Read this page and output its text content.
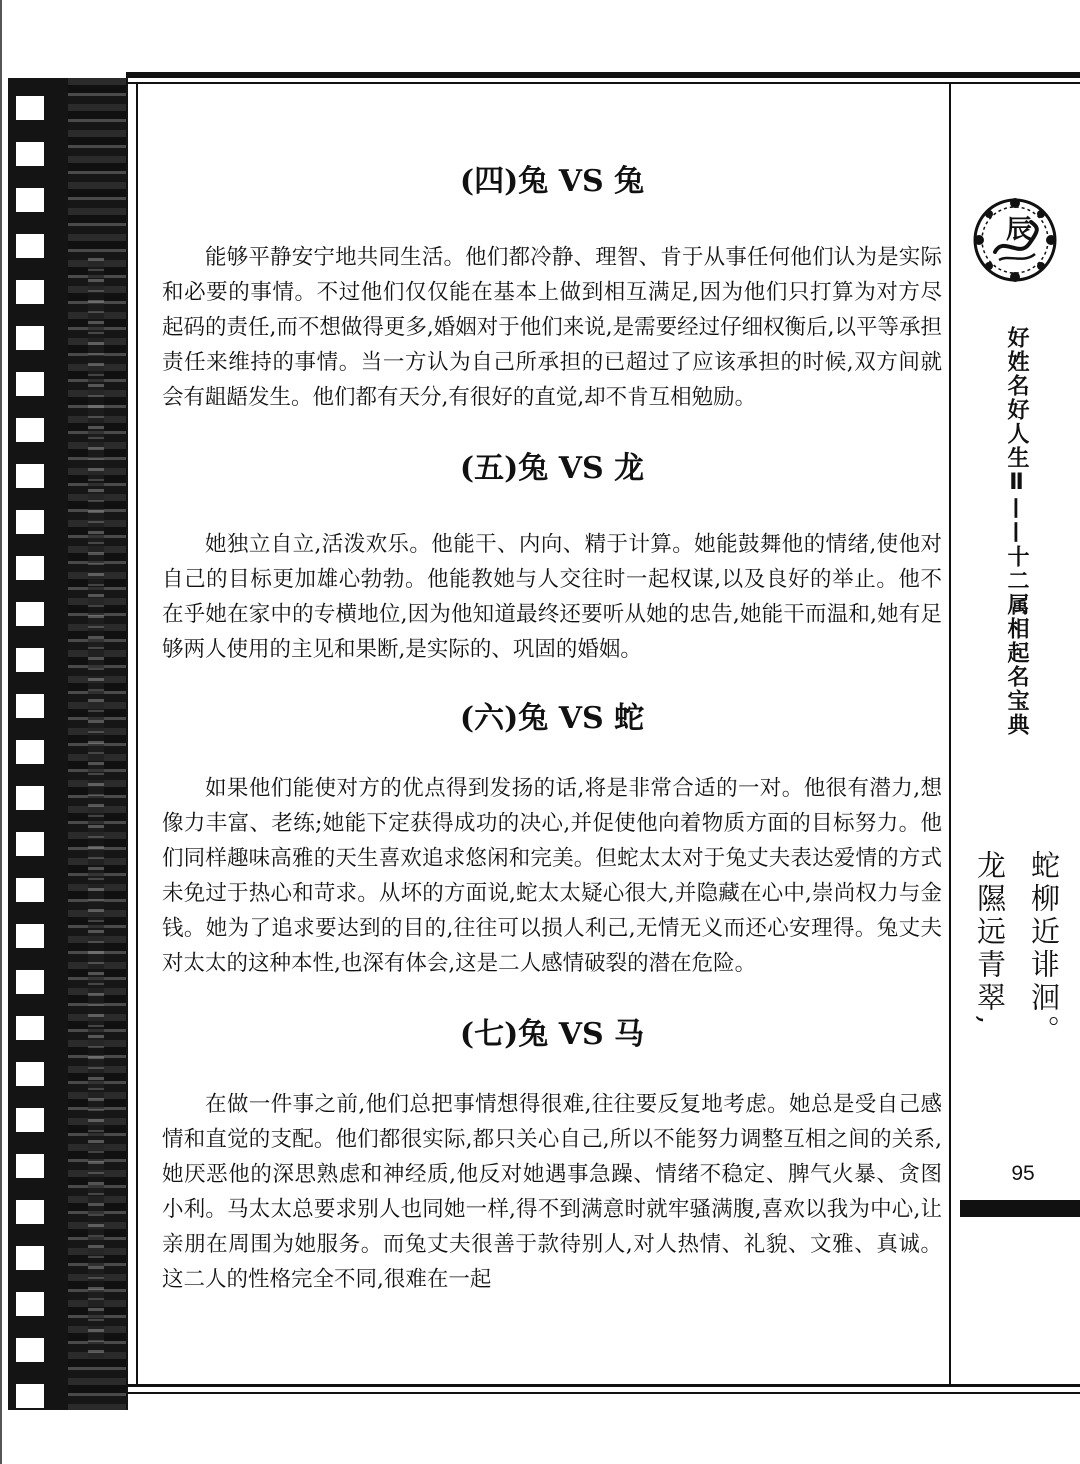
(四)兔 VS 兔

能够平静安宁地共同生活。他们都冷静、理智、肯于从事任何他们认为是实际和必要的事情。不过他们仅仅能在基本上做到相互满足,因为他们只打算为对方尽起码的责任,而不想做得更多,婚姻对于他们来说,是需要经过仔细权衡后,以平等承担责任来维持的事情。当一方认为自己所承担的已超过了应该承担的时候,双方间就会有龃龉发生。他们都有天分,有很好的直觉,却不肯互相勉励。

(五)兔 VS 龙

她独立自立,活泼欢乐。他能干、内向、精于计算。她能鼓舞他的情绪,使他对自己的目标更加雄心勃勃。他能教她与人交往时一起权谋,以及良好的举止。他不在乎她在家中的专横地位,因为他知道最终还要听从她的忠告,她能干而温和,她有足够两人使用的主见和果断,是实际的、巩固的婚姻。

(六)兔 VS 蛇

如果他们能使对方的优点得到发扬的话,将是非常合适的一对。他很有潜力,想像力丰富、老练;她能下定获得成功的决心,并促使他向着物质方面的目标努力。他们同样趣味高雅的天生喜欢追求悠闲和完美。但蛇太太对于兔丈夫表达爱情的方式未免过于热心和苛求。从坏的方面说,蛇太太疑心很大,并隐藏在心中,崇尚权力与金钱。她为了追求要达到的目的,往往可以损人利己,无情无义而还心安理得。兔丈夫对太太的这种本性,也深有体会,这是二人感情破裂的潜在危险。

(七)兔 VS 马

在做一件事之前,他们总把事情想得很难,往往要反复地考虑。她总是受自己感情和直觉的支配。他们都很实际,都只关心自己,所以不能努力调整互相之间的关系,她厌恶他的深思熟虑和神经质,他反对她遇事急躁、情绪不稳定、脾气火暴、贪图小利。马太太总要求别人也同她一样,得不到满意时就牢骚满腹,喜欢以我为中心,让亲朋在周围为她服务。而兔丈夫很善于款待别人,对人热情、礼貌、文雅、真诚。这二人的性格完全不同,很难在一起

辰
好姓名好人生Ⅱ——十二属相起名宝典
蛇柳近诽洄。
龙隰远青翠,
95
